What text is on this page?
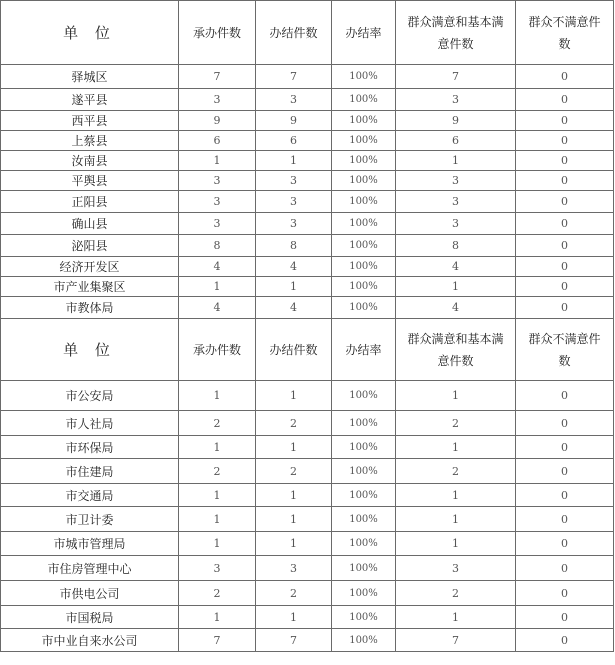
单 位	承办件数	办结件数	办结率	群众满意和基本满意件数	群众不满意件数
驿城区	7	7	100%	7	0
遂平县	3	3	100%	3	0
西平县	9	9	100%	9	0
上蔡县	6	6	100%	6	0
汝南县	1	1	100%	1	0
平舆县	3	3	100%	3	0
正阳县	3	3	100%	3	0
确山县	3	3	100%	3	0
泌阳县	8	8	100%	8	0
经济开发区	4	4	100%	4	0
市产业集聚区	1	1	100%	1	0
市教体局	4	4	100%	4	0
单 位	承办件数	办结件数	办结率	群众满意和基本满意件数	群众不满意件数
市公安局	1	1	100%	1	0
市人社局	2	2	100%	2	0
市环保局	1	1	100%	1	0
市住建局	2	2	100%	2	0
市交通局	1	1	100%	1	0
市卫计委	1	1	100%	1	0
市城市管理局	1	1	100%	1	0
市住房管理中心	3	3	100%	3	0
市供电公司	2	2	100%	2	0
市国税局	1	1	100%	1	0
市中业自来水公司	7	7	100%	7	0
